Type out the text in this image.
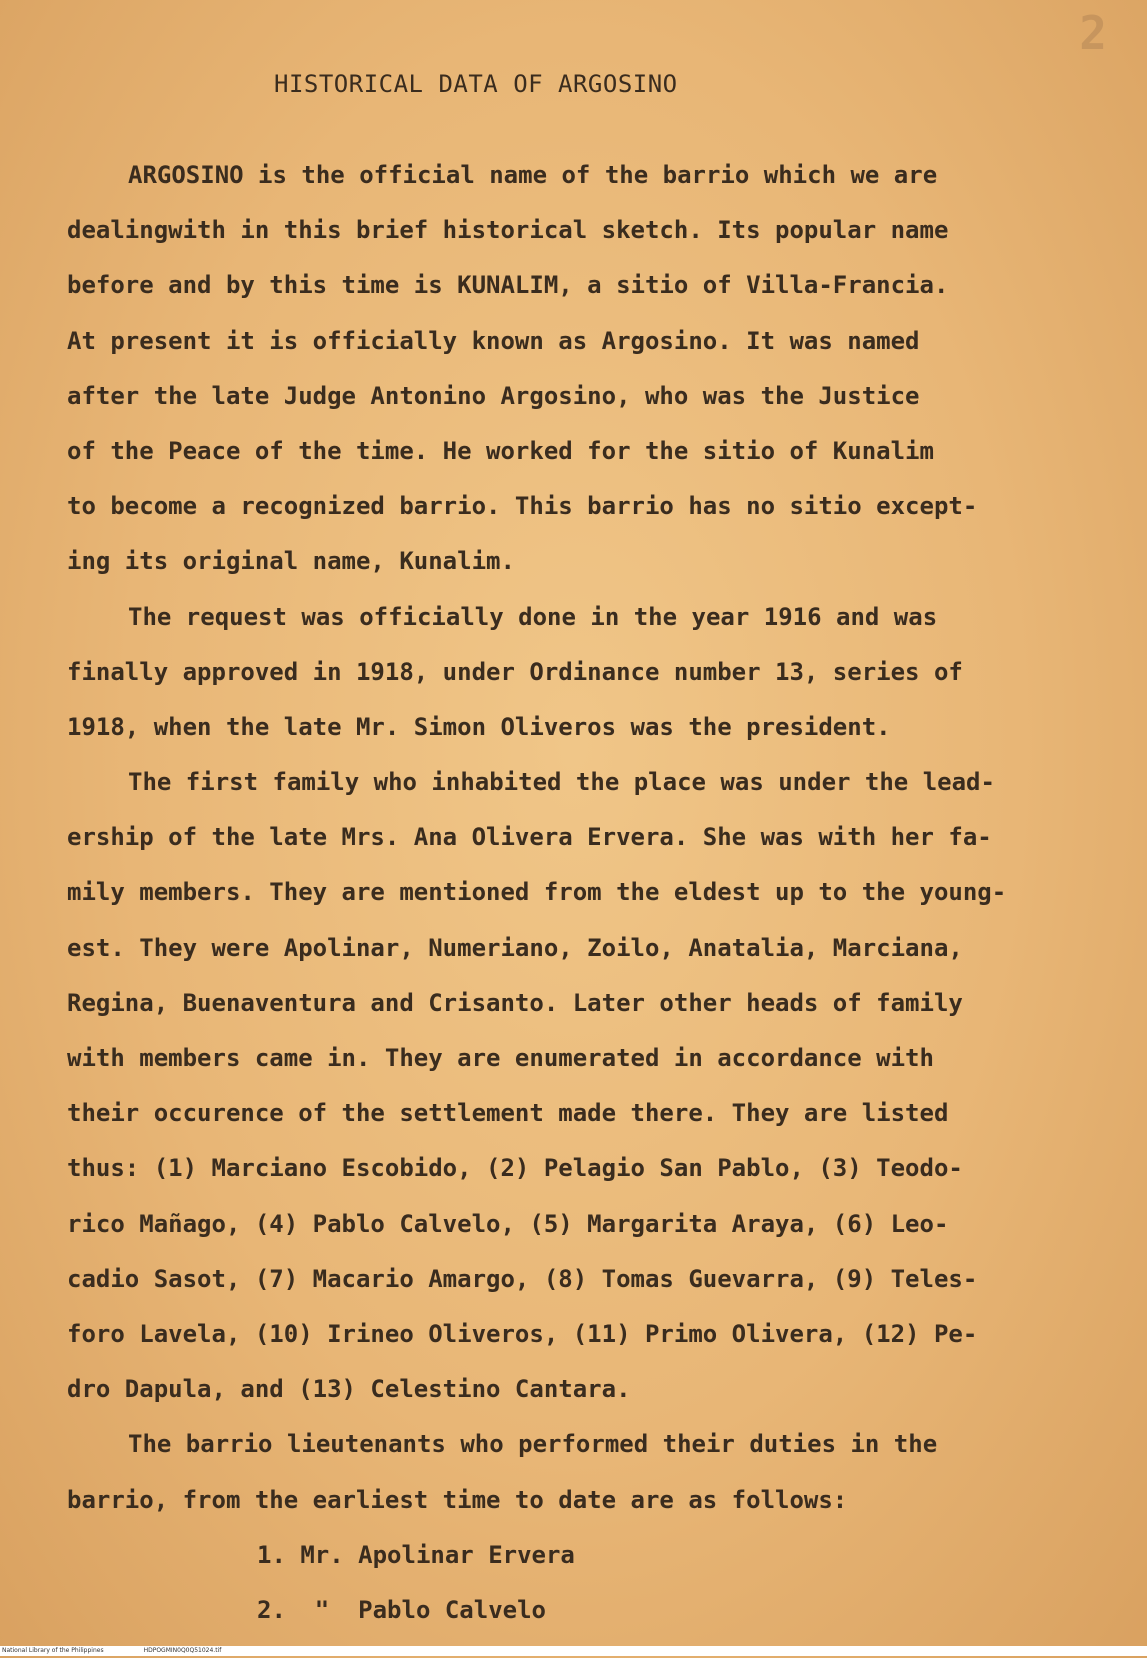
2
HISTORICAL DATA OF ARGOSINO
ARGOSINO is the official name of the barrio which we are
dealingwith in this brief historical sketch. Its popular name
before and by this time is KUNALIM, a sitio of Villa-Francia.
At present it is officially known as Argosino. It was named
after the late Judge Antonino Argosino, who was the Justice
of the Peace of the time. He worked for the sitio of Kunalim
to become a recognized barrio. This barrio has no sitio except-
ing its original name, Kunalim.
The request was officially done in the year 1916 and was
finally approved in 1918, under Ordinance number 13, series of
1918, when the late Mr. Simon Oliveros was the president.
The first family who inhabited the place was under the lead-
ership of the late Mrs. Ana Olivera Ervera. She was with her fa-
mily members. They are mentioned from the eldest up to the young-
est. They were Apolinar, Numeriano, Zoilo, Anatalia, Marciana,
Regina, Buenaventura and Crisanto. Later other heads of family
with members came in. They are enumerated in accordance with
their occurence of the settlement made there. They are listed
thus: (1) Marciano Escobido, (2) Pelagio San Pablo, (3) Teodo-
rico Mañago, (4) Pablo Calvelo, (5) Margarita Araya, (6) Leo-
cadio Sasot, (7) Macario Amargo, (8) Tomas Guevarra, (9) Teles-
foro Lavela, (10) Irineo Oliveros, (11) Primo Olivera, (12) Pe-
dro Dapula, and (13) Celestino Cantara.
The barrio lieutenants who performed their duties in the
barrio, from the earliest time to date are as follows:
1. Mr. Apolinar Ervera
2.  "  Pablo Calvelo
National Library of the Philippines	HDPOGMIN0Q0Q51024.tif
